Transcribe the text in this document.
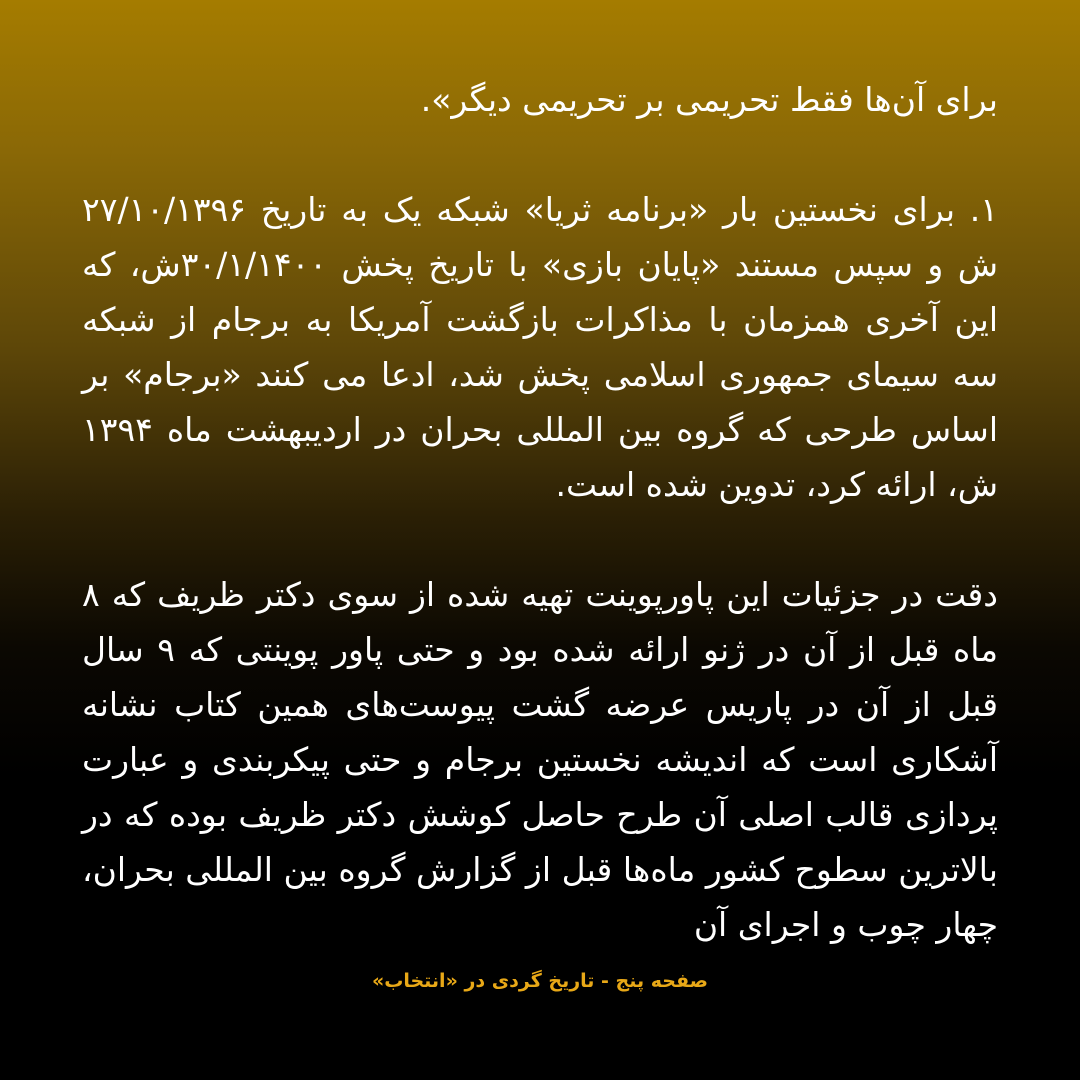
برای آن‌ها فقط تحریمی بر تحریمی دیگر».

۱. برای نخستین بار «برنامه ثریا» شبکه یک به تاریخ ۲۷/۱۰/۱۳۹۶ ش و سپس مستند «پایان بازی» با تاریخ پخش ۳۰/۱/۱۴۰۰ش، که این آخری همزمان با مذاکرات بازگشت آمریکا به برجام از شبکه سه سیمای جمهوری اسلامی پخش شد، ادعا می کنند «برجام» بر اساس طرحی که گروه بین المللی بحران در اردیبهشت ماه ۱۳۹۴ ش، ارائه کرد، تدوین شده است.

دقت در جزئیات این پاورپوینت تهیه شده از سوی دکتر ظریف که ۸ ماه قبل از آن در ژنو ارائه شده بود و حتی پاور پوینتی که ۹ سال قبل از آن در پاریس عرضه گشت پیوست‌های همین کتاب نشانه آشکاری است که اندیشه نخستین برجام و حتی پیکربندی و عبارت پردازی قالب اصلی آن طرح حاصل کوشش دکتر ظریف بوده که در بالاترین سطوح کشور ماه‌ها قبل از گزارش گروه بین المللی بحران، چهار چوب و اجرای آن

صفحه پنج - تاریخ گردی در «انتخاب»
